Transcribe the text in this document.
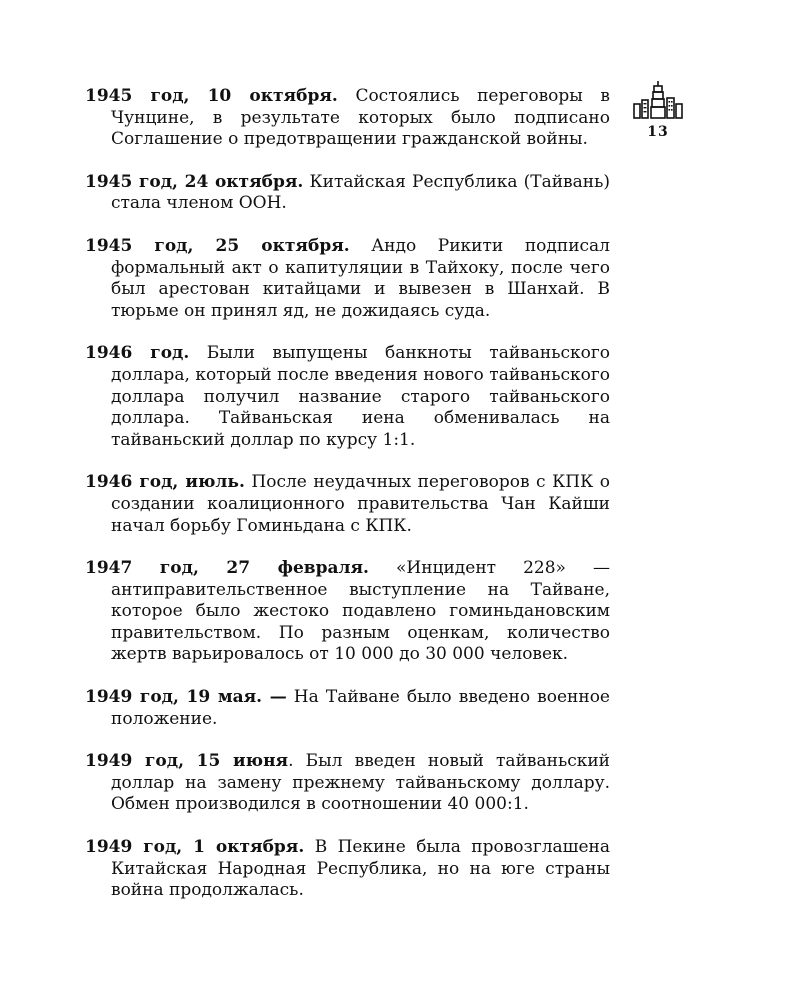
13

1945 год, 10 октября. Состоялись переговоры в Чунцине, в результате которых было подписано Соглашение о предотвращении гражданской войны.

1945 год, 24 октября. Китайская Республика (Тайвань) стала членом ООН.

1945 год, 25 октября. Андо Рикити подписал формальный акт о капитуляции в Тайхоку, после чего был арестован китайцами и вывезен в Шанхай. В тюрьме он принял яд, не дожидаясь суда.

1946 год. Были выпущены банкноты тайваньского доллара, который после введения нового тайваньского доллара получил название старого тайваньского доллара. Тайваньская иена обменивалась на тайваньский доллар по курсу 1:1.

1946 год, июль. После неудачных переговоров с КПК о создании коалиционного правительства Чан Кайши начал борьбу Гоминьдана с КПК.

1947 год, 27 февраля. «Инцидент 228» — антиправительственное выступление на Тайване, которое было жестоко подавлено гоминьдановским правительством. По разным оценкам, количество жертв варьировалось от 10 000 до 30 000 человек.

1949 год, 19 мая. — На Тайване было введено военное положение.

1949 год, 15 июня. Был введен новый тайваньский доллар на замену прежнему тайваньскому доллару. Обмен производился в соотношении 40 000:1.

1949 год, 1 октября. В Пекине была провозглашена Китайская Народная Республика, но на юге страны война продолжалась.
